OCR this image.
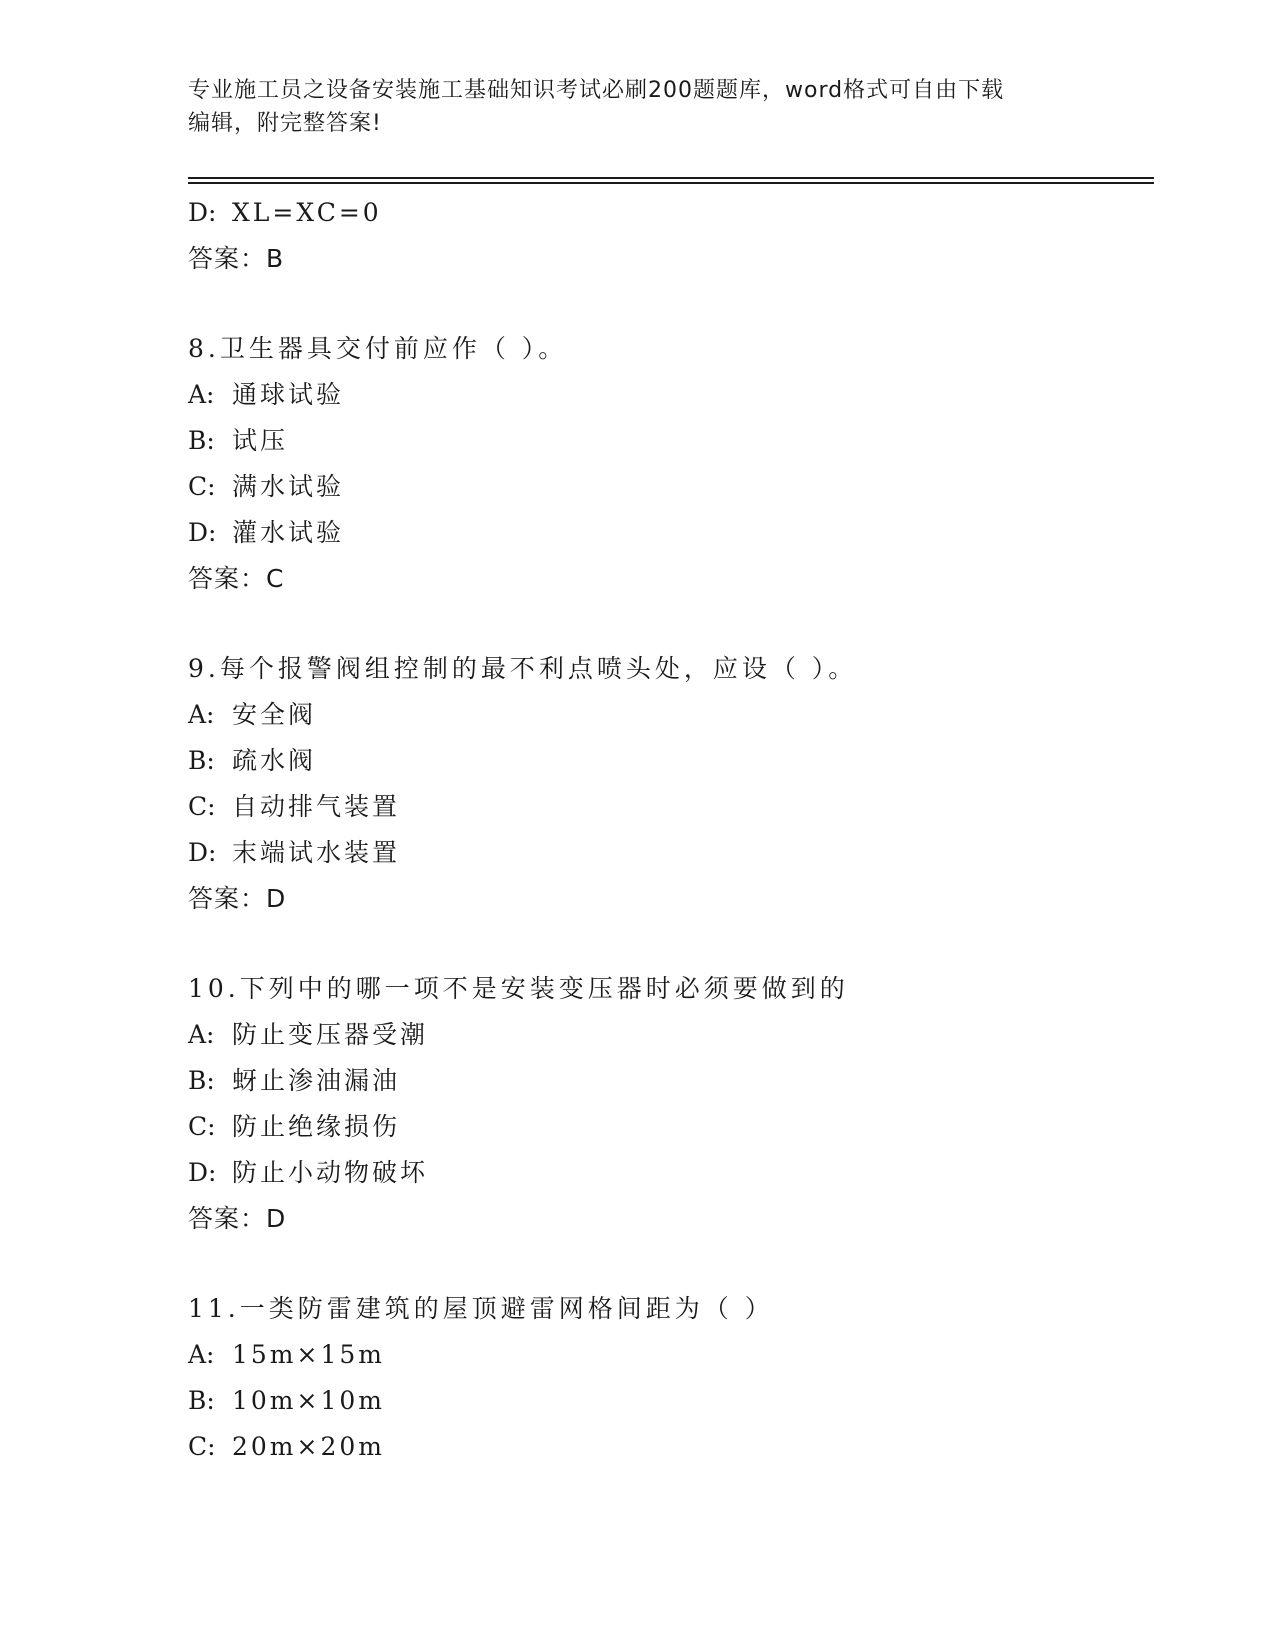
专业施工员之设备安装施工基础知识考试必刷200题题库，word格式可自由下载
编辑，附完整答案!
D: XL=XC=0
答案：B
8.卫生器具交付前应作（ ）。
A: 通球试验
B: 试压
C: 满水试验
D: 灌水试验
答案：C
9.每个报警阀组控制的最不利点喷头处，应设（ ）。
A: 安全阀
B: 疏水阀
C: 自动排气装置
D: 末端试水装置
答案：D
10.下列中的哪一项不是安装变压器时必须要做到的
A: 防止变压器受潮
B: 蚜止渗油漏油
C: 防止绝缘损伤
D: 防止小动物破坏
答案：D
11.一类防雷建筑的屋顶避雷网格间距为（ ）
A: 15m×15m
B: 10m×10m
C: 20m×20m
